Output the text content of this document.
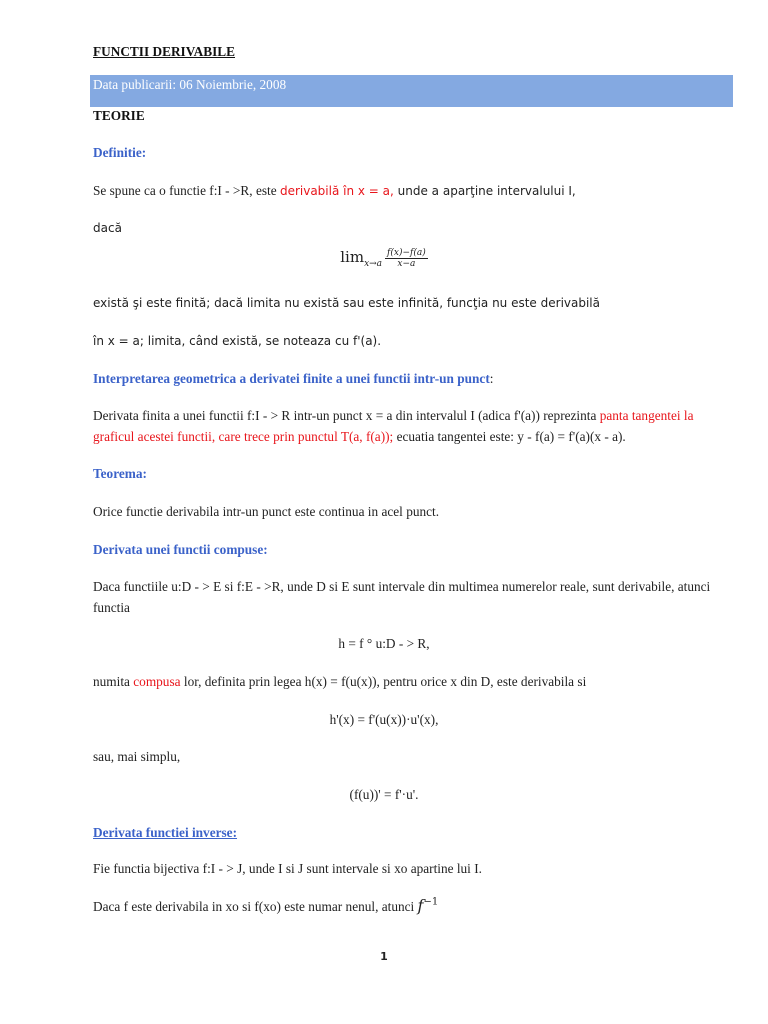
FUNCTII DERIVABILE
Data publicarii: 06 Noiembrie, 2008
TEORIE
Definitie:
Se spune ca o functie f:I - >R, este derivabilă în x = a, unde a aparţine intervalului I,
dacă
$\lim_{x\to a} \frac{f(x)-f(a)}{x-a}$
există şi este finită; dacă limita nu există sau este infinită, funcţia nu este derivabilă
în x = a; limita, când există, se noteaza cu f'(a).
Interpretarea geometrica a derivatei finite a unei functii intr-un punct:
Derivata finita a unei functii f:I - > R intr-un punct x = a din intervalul I (adica f'(a)) reprezinta panta tangentei la graficul acestei functii, care trece prin punctul T(a, f(a)); ecuatia tangentei este: y - f(a) = f'(a)(x - a).
Teorema:
Orice functie derivabila intr-un punct este continua in acel punct.
Derivata unei functii compuse:
Daca functiile u:D - > E si f:E - >R, unde D si E sunt intervale din multimea numerelor reale, sunt derivabile, atunci functia
h = f ° u:D - > R,
numita compusa lor, definita prin legea h(x) = f(u(x)), pentru orice x din D, este derivabila si
h'(x) = f'(u(x))·u'(x),
sau, mai simplu,
(f(u))' = f'·u'.
Derivata functiei inverse:
Fie functia bijectiva f:I - > J, unde I si J sunt intervale si xo apartine lui I.
Daca f este derivabila in xo si f(xo) este numar nenul, atunci $f^{-1}$
1
